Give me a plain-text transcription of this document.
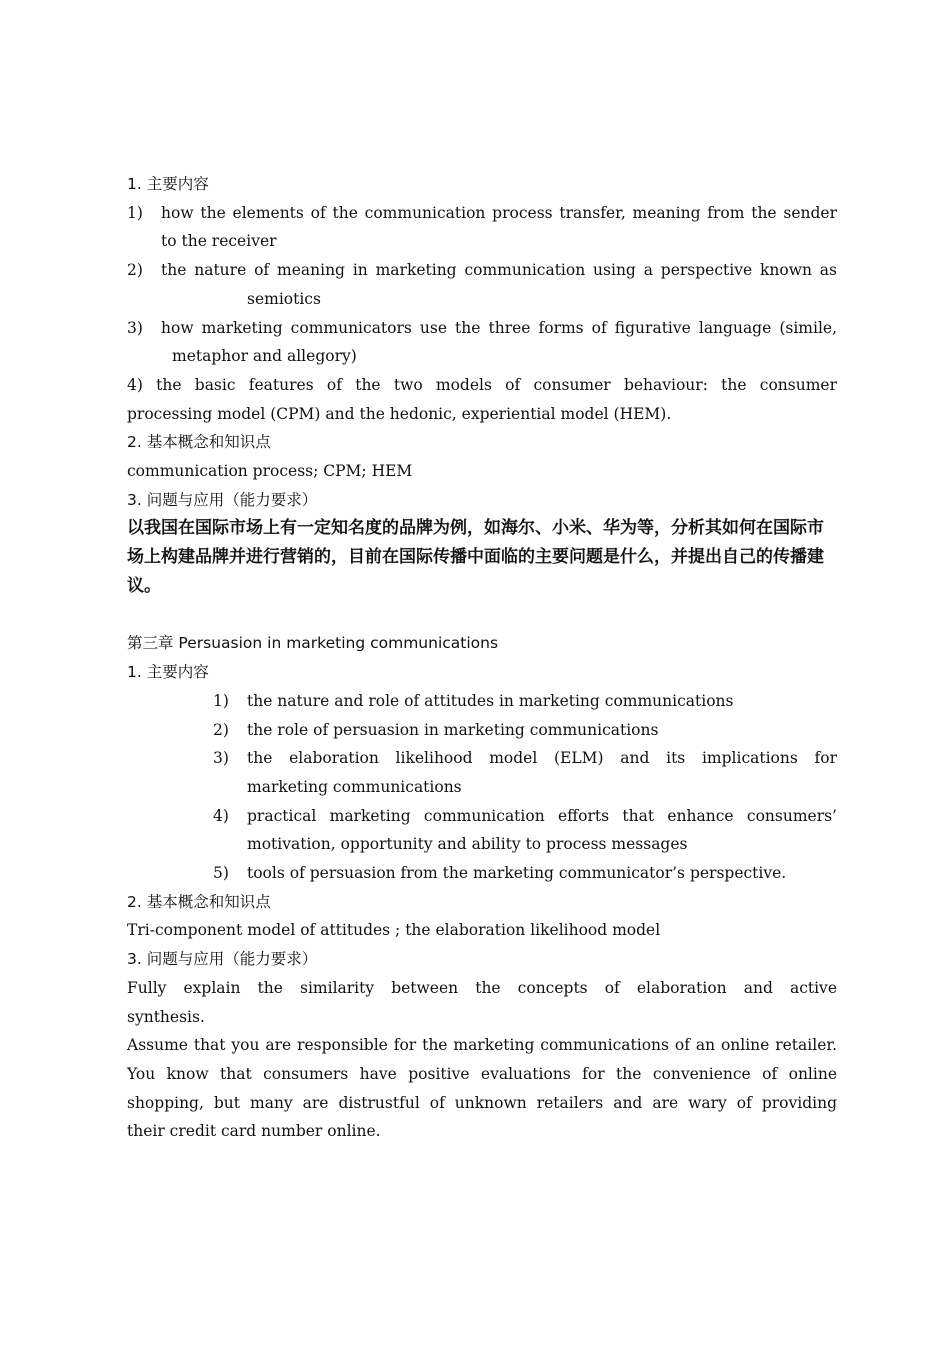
1. 主要内容
1)	how the elements of the communication process transfer, meaning from the sender
to the receiver
2)	the nature of meaning in marketing communication using a perspective known as
semiotics
3)	how marketing communicators use the three forms of figurative language (simile,
metaphor and allegory)
4) the basic features of the two models of consumer behaviour: the consumer
processing model (CPM) and the hedonic, experiential model (HEM).
2. 基本概念和知识点
communication process; CPM; HEM
3. 问题与应用（能力要求）
以我国在国际市场上有一定知名度的品牌为例，如海尔、小米、华为等，分析其如何在国际市场上构建品牌并进行营销的，目前在国际传播中面临的主要问题是什么，并提出自己的传播建议。
第三章 Persuasion in marketing communications
1. 主要内容
1)	the nature and role of attitudes in marketing communications
2)	the role of persuasion in marketing communications
3)	the elaboration likelihood model (ELM) and its implications for
marketing communications
4)	practical marketing communication efforts that enhance consumers’
motivation, opportunity and ability to process messages
5)	tools of persuasion from the marketing communicator’s perspective.
2. 基本概念和知识点
Tri-component model of attitudes ; the elaboration likelihood model
3. 问题与应用（能力要求）
Fully explain the similarity between the concepts of elaboration and active
synthesis.
Assume that you are responsible for the marketing communications of an online retailer.
You know that consumers have positive evaluations for the convenience of online
shopping, but many are distrustful of unknown retailers and are wary of providing
their credit card number online.
